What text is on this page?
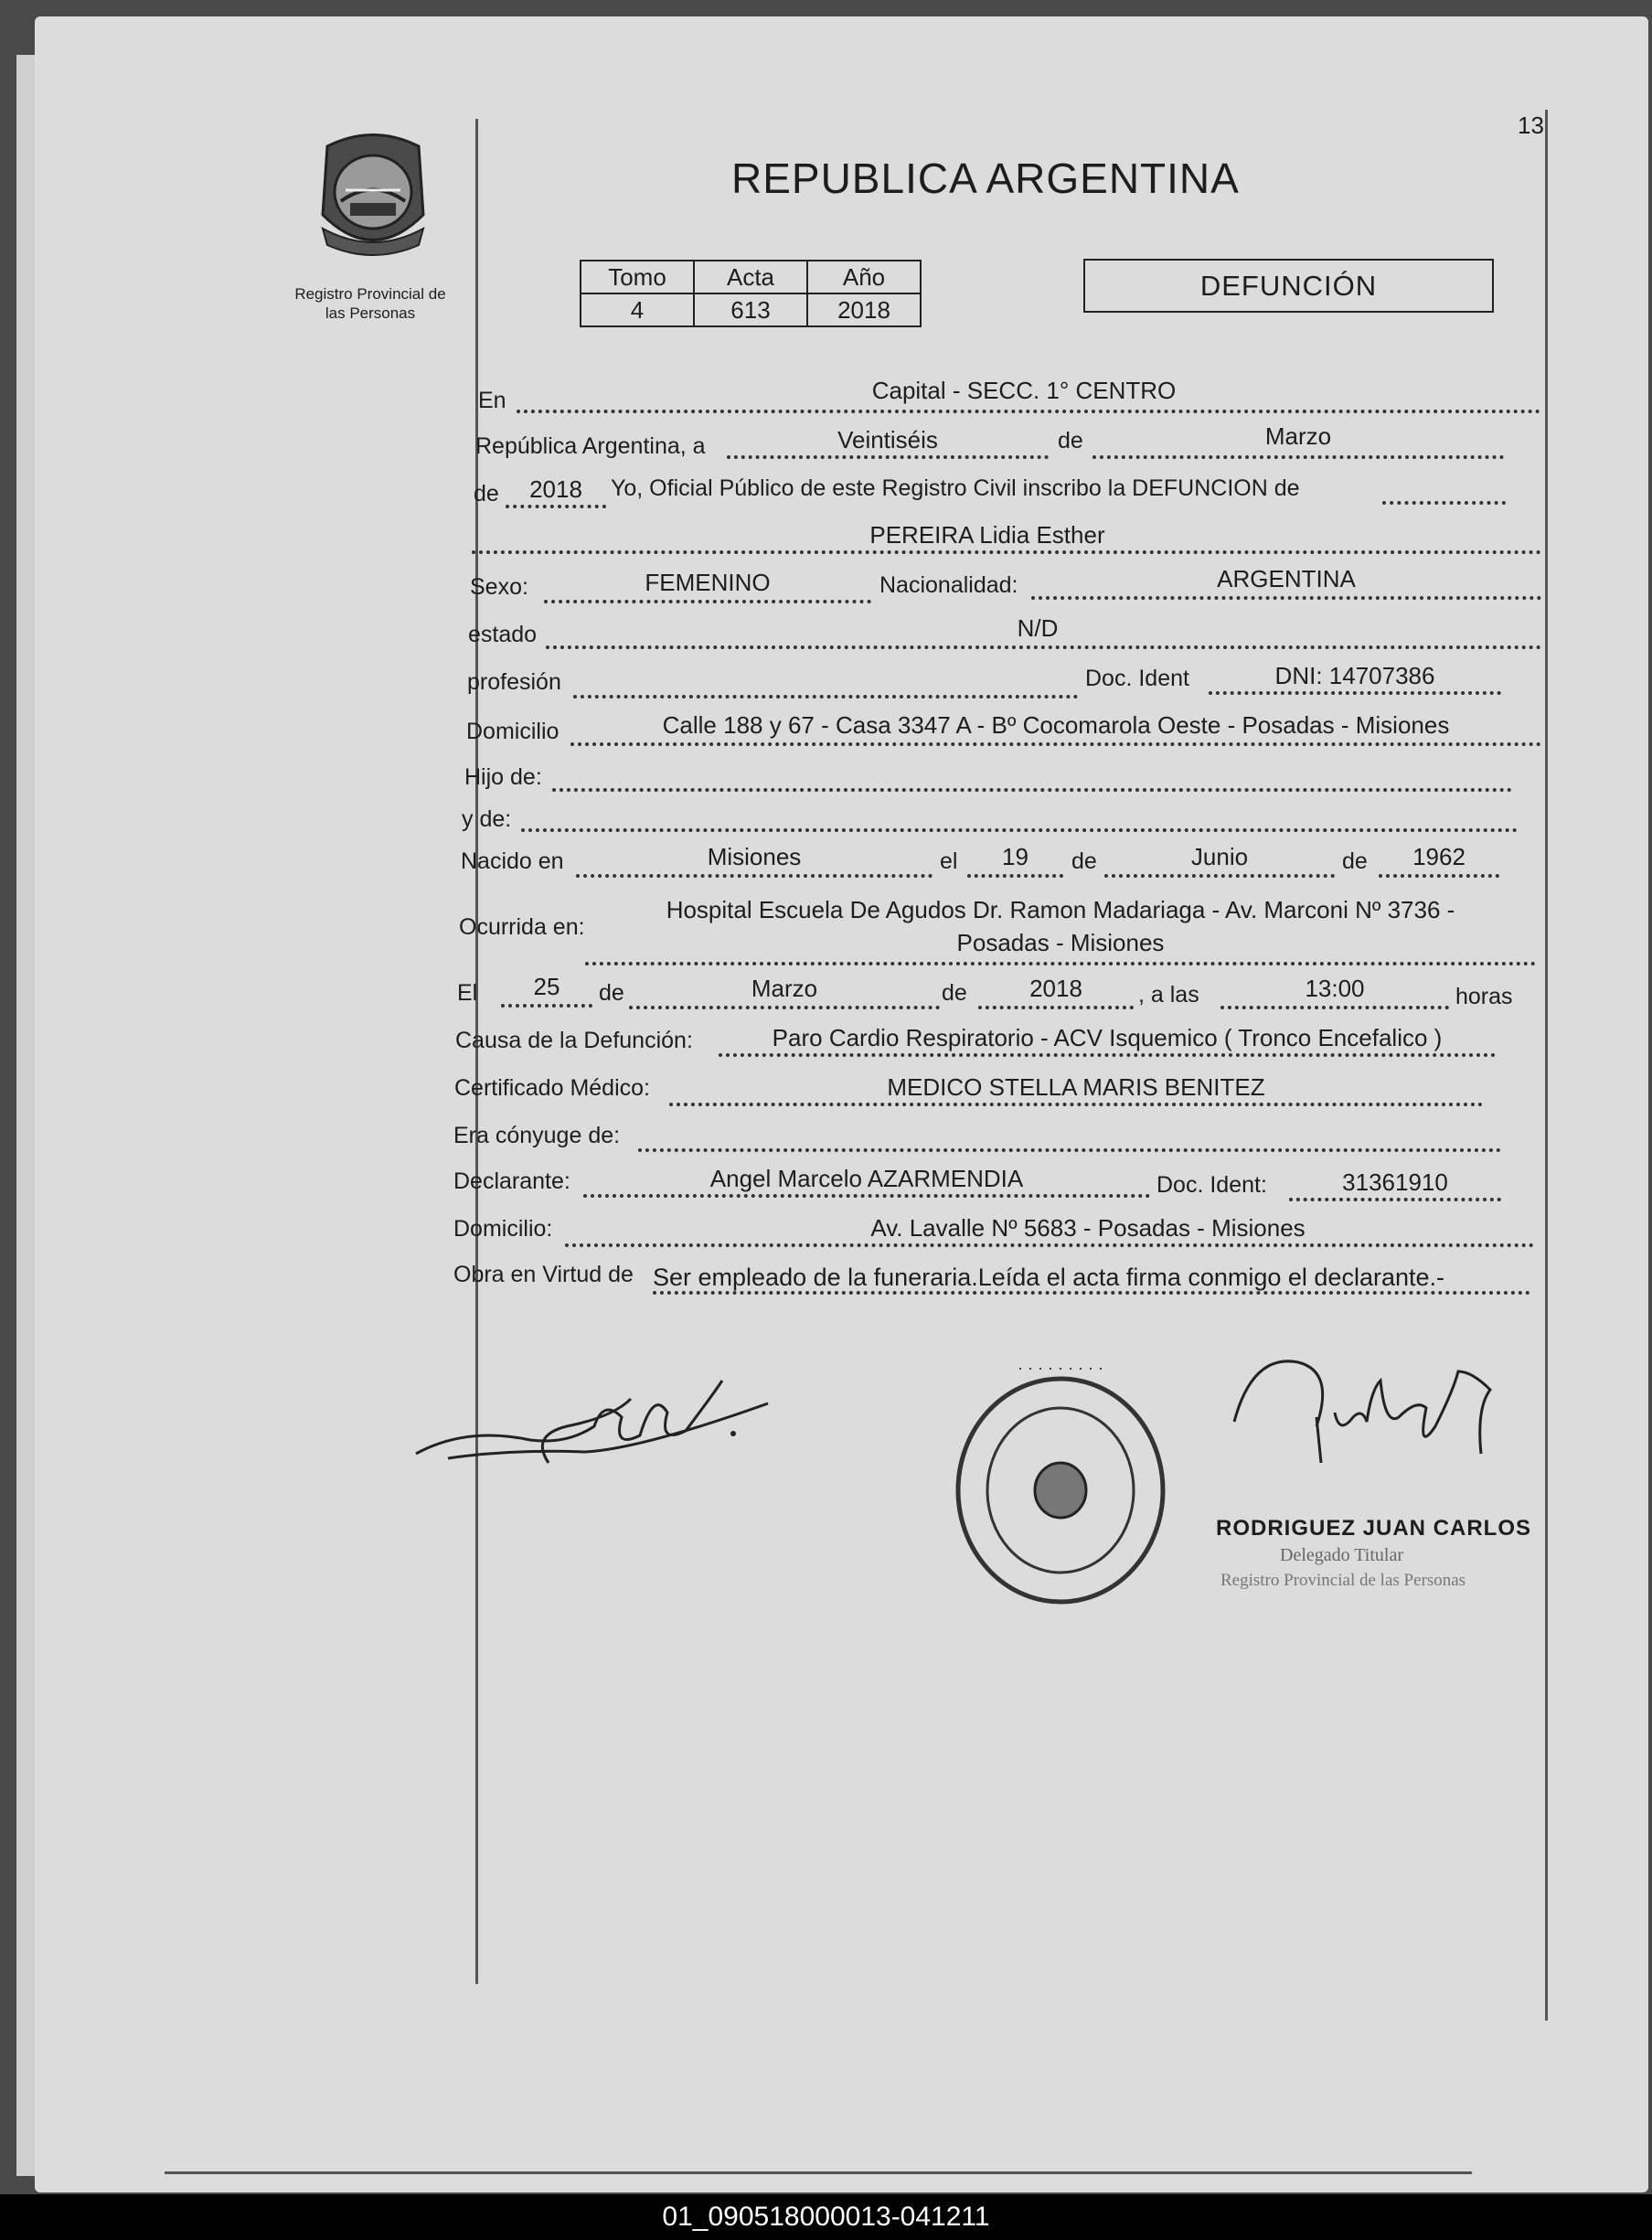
13
Registro Provincial de
las Personas
REPUBLICA ARGENTINA
Tomo	Acta	Año
4	613	2018
DEFUNCIÓN
En	Capital - SECC. 1° CENTRO
República Argentina, a	Veintiséis	de	Marzo
de	2018	Yo, Oficial Público de este Registro Civil inscribo la DEFUNCION de
PEREIRA Lidia Esther
Sexo:	FEMENINO	Nacionalidad:	ARGENTINA
estado	N/D
profesión	Doc. Ident	DNI: 14707386
Domicilio	Calle 188 y 67 - Casa 3347 A - Bº Cocomarola Oeste - Posadas - Misiones
Hijo de:
y de:
Nacido en	Misiones	el	19	de	Junio	de	1962
Ocurrida en:
Hospital Escuela De Agudos Dr. Ramon Madariaga - Av. Marconi Nº 3736 -
Posadas - Misiones
El	25	de	Marzo	de	2018	, a las	13:00	horas
Causa de la Defunción:	Paro Cardio Respiratorio - ACV Isquemico ( Tronco Encefalico )
Certificado Médico:	MEDICO STELLA MARIS BENITEZ
Era cónyuge de:
Declarante:	Angel Marcelo AZARMENDIA	Doc. Ident:	31361910
Domicilio:	Av. Lavalle Nº 5683 - Posadas - Misiones
Obra en Virtud de Ser empleado de la funeraria.Leída el acta firma conmigo el declarante.-
· · · · · · · · ·
RODRIGUEZ JUAN CARLOS
Delegado Titular
Registro Provincial de las Personas
01_090518000013-041211
